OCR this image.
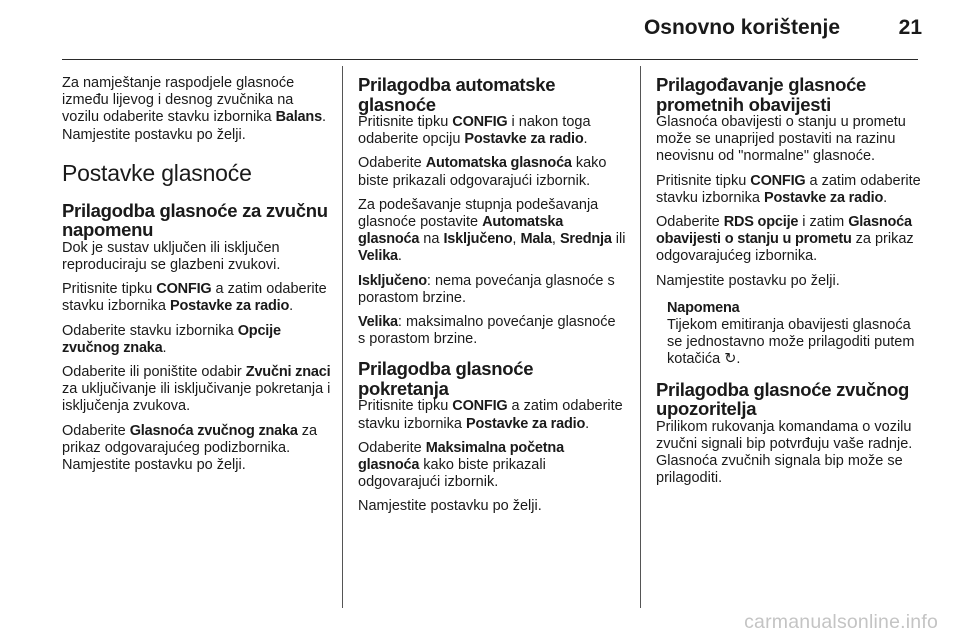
Osnovno korištenje	21

Za namještanje raspodjele glasnoće između lijevog i desnog zvučnika na vozilu odaberite stavku izbornika Balans. Namjestite postavku po želji.

Postavke glasnoće
Prilagodba glasnoće za zvučnu napomenu

Dok je sustav uključen ili isključen reproduciraju se glazbeni zvukovi.

Pritisnite tipku CONFIG a zatim odaberite stavku izbornika Postavke za radio.

Odaberite stavku izbornika Opcije zvučnog znaka.

Odaberite ili poništite odabir Zvučni znaci za uključivanje ili isključivanje pokretanja i isključenja zvukova.

Odaberite Glasnoća zvučnog znaka za prikaz odgovarajućeg podizbornika. Namjestite postavku po želji.

Prilagodba automatske glasnoće

Pritisnite tipku CONFIG i nakon toga odaberite opciju Postavke za radio.

Odaberite Automatska glasnoća kako biste prikazali odgovarajući izbornik.

Za podešavanje stupnja podešavanja glasnoće postavite Automatska glasnoća na Isključeno, Mala, Srednja ili Velika.

Isključeno: nema povećanja glasnoće s porastom brzine.

Velika: maksimalno povećanje glasnoće s porastom brzine.

Prilagodba glasnoće pokretanja

Pritisnite tipku CONFIG a zatim odaberite stavku izbornika Postavke za radio.

Odaberite Maksimalna početna glasnoća kako biste prikazali odgovarajući izbornik.

Namjestite postavku po želji.

Prilagođavanje glasnoće prometnih obavijesti

Glasnoća obavijesti o stanju u prometu može se unaprijed postaviti na razinu neovisnu od "normalne" glasnoće.

Pritisnite tipku CONFIG a zatim odaberite stavku izbornika Postavke za radio.

Odaberite RDS opcije i zatim Glasnoća obavijesti o stanju u prometu za prikaz odgovarajućeg izbornika.

Namjestite postavku po želji.

Napomena
Tijekom emitiranja obavijesti glasnoća se jednostavno može prilagoditi putem kotačića ↻.
Prilagodba glasnoće zvučnog upozoritelja

Prilikom rukovanja komandama o vozilu zvučni signali bip potvrđuju vaše radnje. Glasnoća zvučnih signala bip može se prilagoditi.

carmanualsonline.info
